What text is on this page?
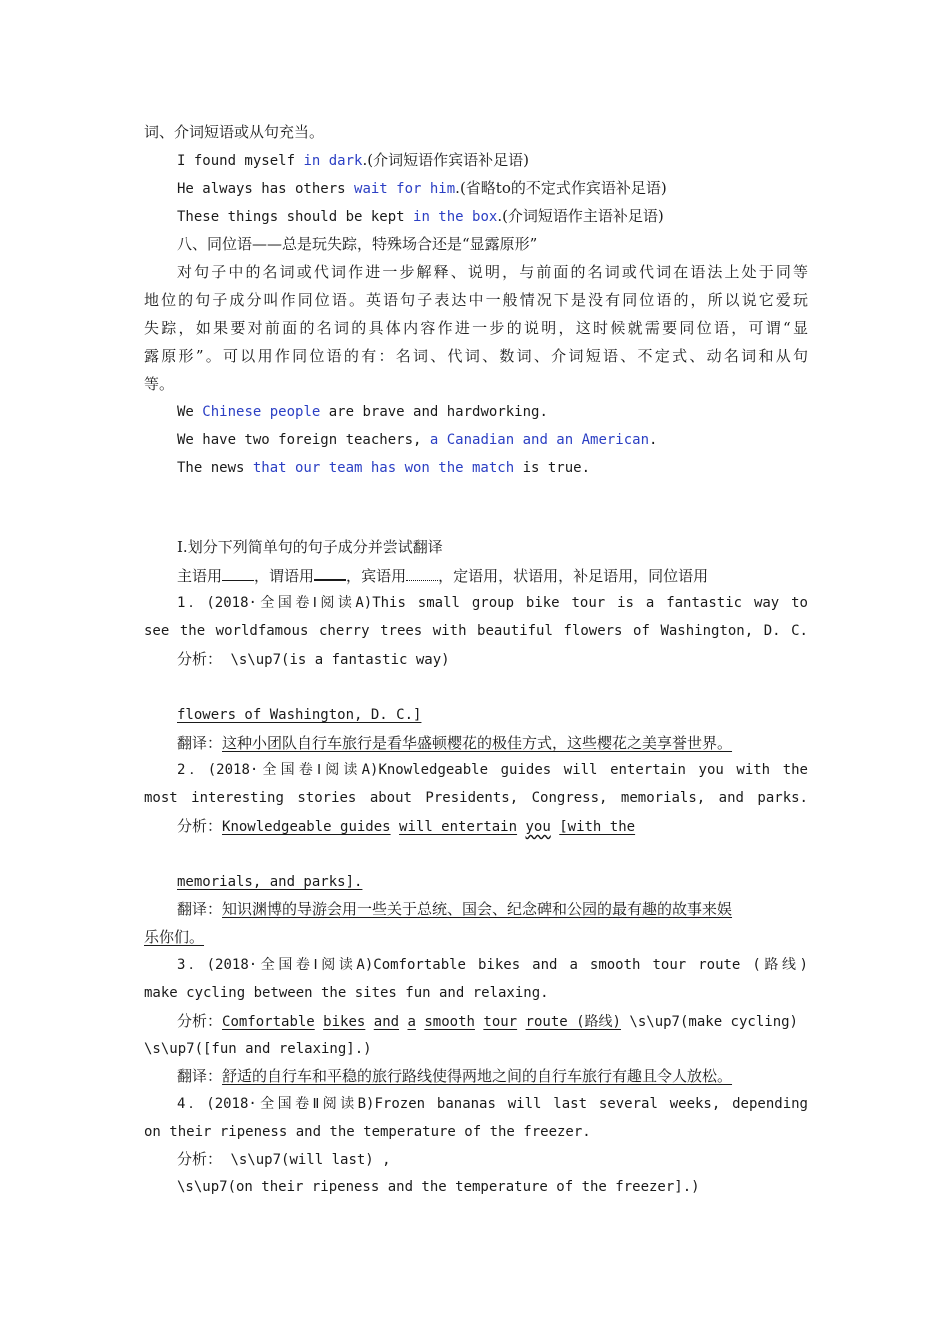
词、介词短语或从句充当。
I found myself in dark.(介词短语作宾语补足语)
He always has others wait for him.(省略to的不定式作宾语补足语)
These things should be kept in the box.(介词短语作主语补足语)
八、同位语——总是玩失踪，特殊场合还是“显露原形”
对句子中的名词或代词作进一步解释、说明，与前面的名词或代词在语法上处于同等
地位的句子成分叫作同位语。英语句子表达中一般情况下是没有同位语的，所以说它爱玩
失踪，如果要对前面的名词的具体内容作进一步的说明，这时候就需要同位语，可谓“显
露原形”。可以用作同位语的有：名词、代词、数词、介词短语、不定式、动名词和从句
等。
We Chinese people are brave and hardworking.
We have two foreign teachers, a Canadian and an American.
The news that our team has won the match is true.
Ⅰ.划分下列简单句的句子成分并尝试翻译
主语用 ，谓语用 ，宾语用 ，定语用，状语用，补足语用，同位语用
1．(2018·全国卷Ⅰ阅读A)This small group bike tour is a fantastic way to
see the worldfamous cherry trees with beautiful flowers of Washington, D. C.
分析： \s\up7(is a fantastic way)
flowers of Washington, D. C.]
翻译：这种小团队自行车旅行是看华盛顿樱花的极佳方式，这些樱花之美享誉世界。
2．(2018·全国卷Ⅰ阅读A)Knowledgeable guides will entertain you with the
most interesting stories about Presidents, Congress, memorials, and parks.
分析：Knowledgeable guides will entertain you [with the
memorials, and parks].
翻译：知识渊博的导游会用一些关于总统、国会、纪念碑和公园的最有趣的故事来娱
乐你们。
3．(2018·全国卷Ⅰ阅读A)Comfortable bikes and a smooth tour route (路线)
make cycling between the sites fun and relaxing.
分析：Comfortable bikes and a smooth tour route (路线) \s\up7(make cycling)
\s\up7([fun and relaxing].)
翻译：舒适的自行车和平稳的旅行路线使得两地之间的自行车旅行有趣且令人放松。
4．(2018·全国卷Ⅱ阅读B)Frozen bananas will last several weeks, depending
on their ripeness and the temperature of the freezer.
分析： \s\up7(will last) ,
\s\up7(on their ripeness and the temperature of the freezer].)
